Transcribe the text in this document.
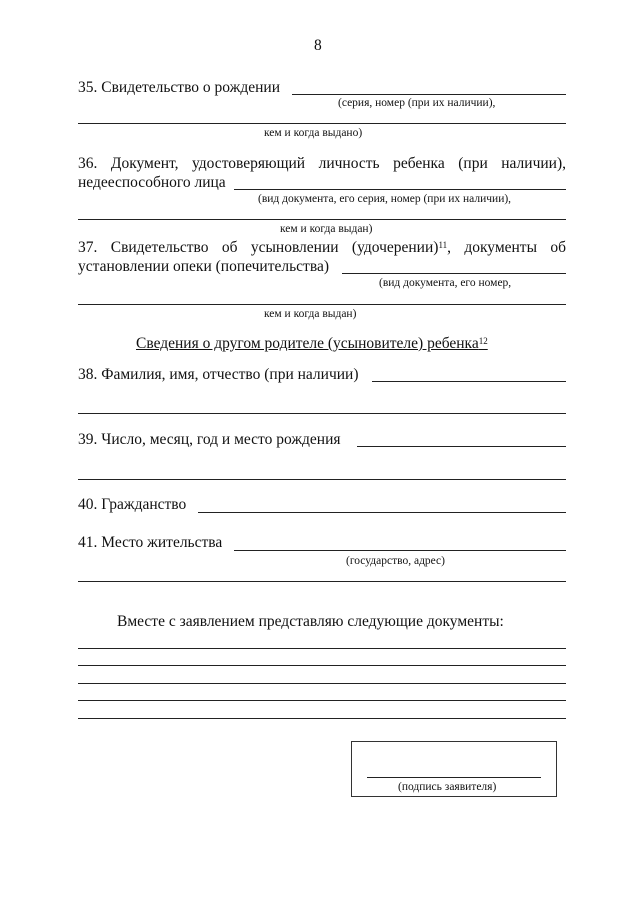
8
35. Свидетельство о рождении
(серия, номер (при их наличии),
кем и когда выдано)
36. Документ, удостоверяющий личность ребенка (при наличии),
недееспособного лица
(вид документа, его серия, номер (при их наличии),
кем и когда выдан)
37. Свидетельство об усыновлении (удочерении)$^{11}$, документы об
установлении опеки (попечительства)
(вид документа, его номер,
кем и когда выдан)
Сведения о другом родителе (усыновителе) ребенка$^{12}$
38. Фамилия, имя, отчество (при наличии)
39. Число, месяц, год и место рождения
40. Гражданство
41. Место жительства
(государство, адрес)
Вместе с заявлением представляю следующие документы:
(подпись заявителя)
